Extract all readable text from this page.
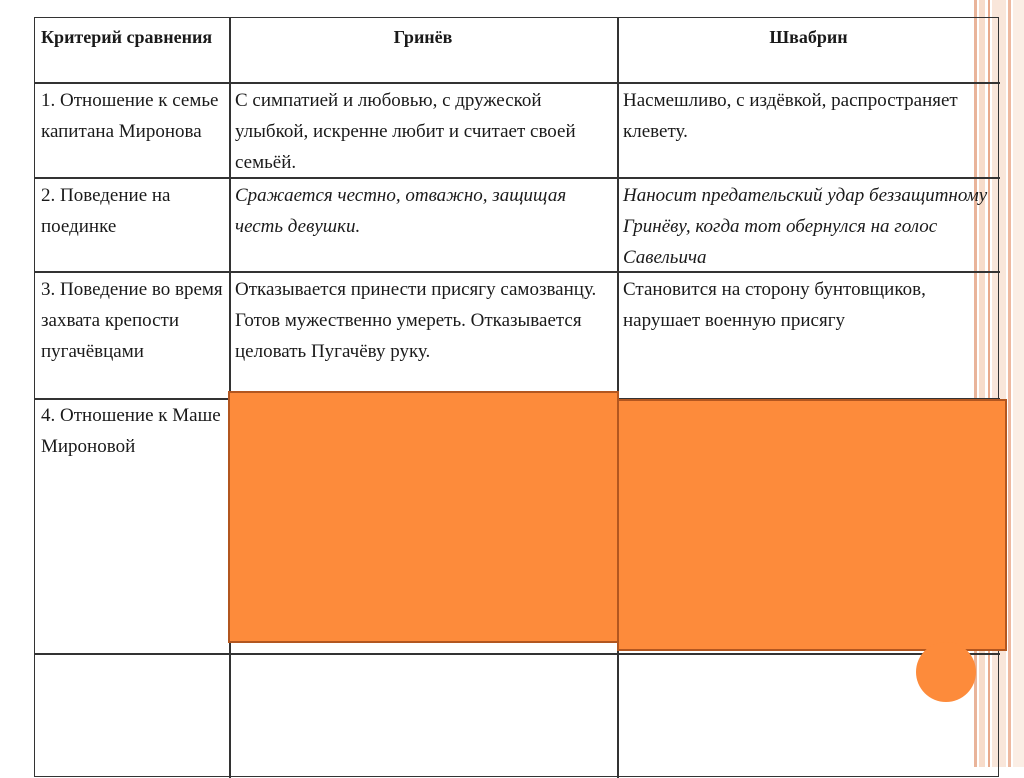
Критерий сравнения	Гринёв	Швабрин
1. Отношение к семье капитана Миронова
С симпатией и любовью, с дружеской улыбкой, искренне любит и считает своей семьёй.
Насмешливо, с издёвкой, распространяет клевету.
2. Поведение на поединке
Сражается честно, отважно, защищая честь девушки.
Наносит предательский удар беззащитному Гринёву, когда тот обернулся на голос Савельича
3. Поведение во время захвата крепости пугачёвцами
Отказывается принести присягу самозванцу. Готов мужественно умереть. Отказывается целовать Пугачёву руку.
Становится на сторону бунтовщиков, нарушает военную присягу
4. Отношение к Маше Мироновой
